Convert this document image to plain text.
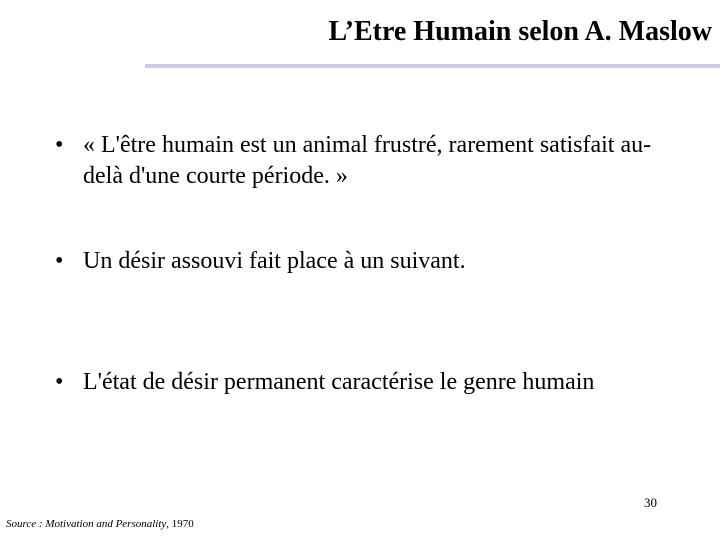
L’Etre Humain selon A. Maslow
• « L'être humain est un animal frustré, rarement satisfait au-delà d'une courte période. »
• Un désir assouvi fait place à un suivant.
• L'état de désir permanent caractérise le genre humain
30
Source : Motivation and Personality, 1970
